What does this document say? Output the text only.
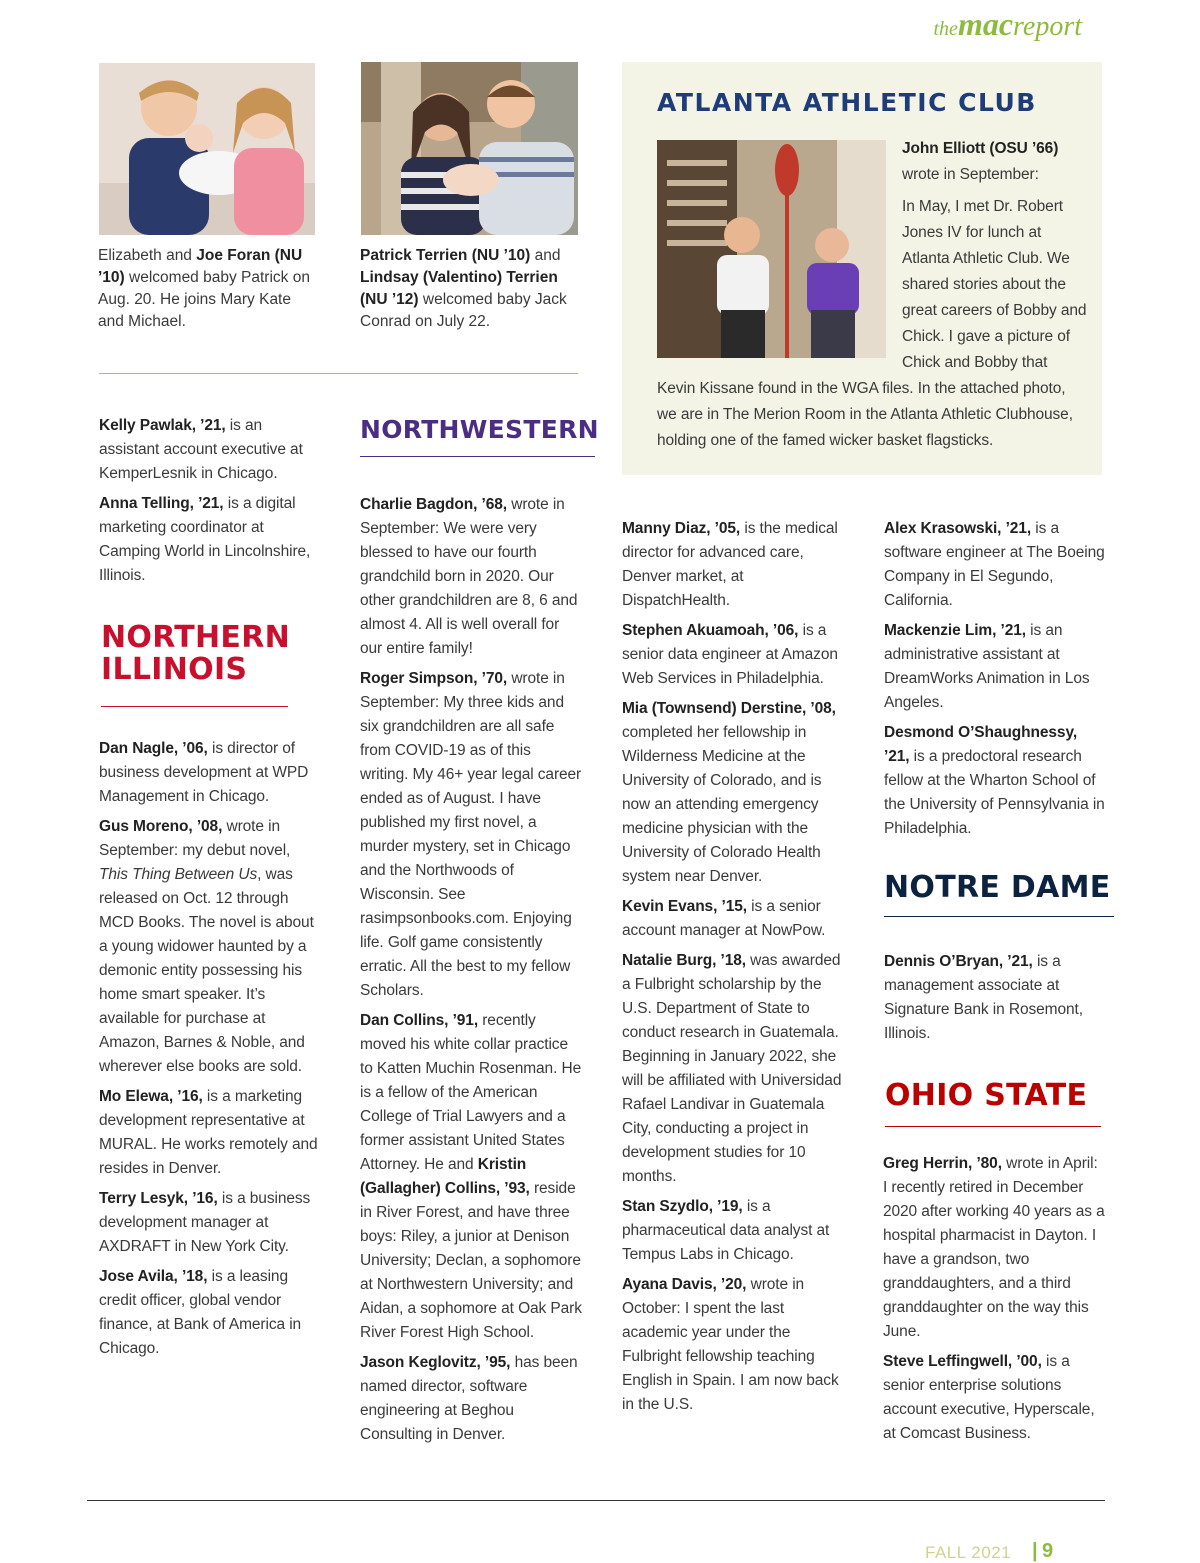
themacreport
Elizabeth and Joe Foran (NU ’10) welcomed baby Patrick on Aug. 20. He joins Mary Kate and Michael.
Patrick Terrien (NU ’10) and Lindsay (Valentino) Terrien (NU ’12) welcomed baby Jack Conrad on July 22.
ATLANTA ATHLETIC CLUB
John Elliott (OSU ’66)
wrote in September:
In May, I met Dr. Robert Jones IV for lunch at Atlanta Athletic Club. We shared stories about the great careers of Bobby and Chick. I gave a picture of Chick and Bobby that
Kevin Kissane found in the WGA files. In the attached photo, we are in The Merion Room in the Atlanta Athletic Clubhouse, holding one of the famed wicker basket flagsticks.

Kelly Pawlak, ’21, is an assistant account executive at KemperLesnik in Chicago.

Anna Telling, ’21, is a digital marketing coordinator at Camping World in Lincolnshire, Illinois.

NORTHERN
ILLINOIS

Dan Nagle, ’06, is director of business development at WPD Management in Chicago.

Gus Moreno, ’08, wrote in September: my debut novel, This Thing Between Us, was released on Oct. 12 through MCD Books. The novel is about a young widower haunted by a demonic entity possessing his home smart speaker. It’s available for purchase at Amazon, Barnes & Noble, and wherever else books are sold.

Mo Elewa, ’16, is a marketing development representative at MURAL. He works remotely and resides in Denver.

Terry Lesyk, ’16, is a business development manager at AXDRAFT in New York City.

Jose Avila, ’18, is a leasing credit officer, global vendor finance, at Bank of America in Chicago.

NORTHWESTERN

Charlie Bagdon, ’68, wrote in September: We were very blessed to have our fourth grandchild born in 2020. Our other grandchildren are 8, 6 and almost 4. All is well overall for our entire family!

Roger Simpson, ’70, wrote in September: My three kids and six grandchildren are all safe from COVID-19 as of this writing. My 46+ year legal career ended as of August. I have published my first novel, a murder mystery, set in Chicago and the Northwoods of Wisconsin. See rasimpsonbooks.com. Enjoying life. Golf game consistently erratic. All the best to my fellow Scholars.

Dan Collins, ’91, recently moved his white collar practice to Katten Muchin Rosenman. He is a fellow of the American College of Trial Lawyers and a former assistant United States Attorney. He and Kristin (Gallagher) Collins, ’93, reside in River Forest, and have three boys: Riley, a junior at Denison University; Declan, a sophomore at Northwestern University; and Aidan, a sophomore at Oak Park River Forest High School.

Jason Keglovitz, ’95, has been named director, software engineering at Beghou Consulting in Denver.

Manny Diaz, ’05, is the medical director for advanced care, Denver market, at DispatchHealth.

Stephen Akuamoah, ’06, is a senior data engineer at Amazon Web Services in Philadelphia.

Mia (Townsend) Derstine, ’08, completed her fellowship in Wilderness Medicine at the University of Colorado, and is now an attending emergency medicine physician with the University of Colorado Health system near Denver.

Kevin Evans, ’15, is a senior account manager at NowPow.

Natalie Burg, ’18, was awarded a Fulbright scholarship by the U.S. Department of State to conduct research in Guatemala. Beginning in January 2022, she will be affiliated with Universidad Rafael Landivar in Guatemala City, conducting a project in development studies for 10 months.

Stan Szydlo, ’19, is a pharmaceutical data analyst at Tempus Labs in Chicago.

Ayana Davis, ’20, wrote in October: I spent the last academic year under the Fulbright fellowship teaching English in Spain. I am now back in the U.S.

Alex Krasowski, ’21, is a software engineer at The Boeing Company in El Segundo, California.

Mackenzie Lim, ’21, is an administrative assistant at DreamWorks Animation in Los Angeles.

Desmond O’Shaughnessy, ’21, is a predoctoral research fellow at the Wharton School of the University of Pennsylvania in Philadelphia.

NOTRE DAME

Dennis O’Bryan, ’21, is a management associate at Signature Bank in Rosemont, Illinois.

OHIO STATE

Greg Herrin, ’80, wrote in April: I recently retired in December 2020 after working 40 years as a hospital pharmacist in Dayton. I have a grandson, two granddaughters, and a third granddaughter on the way this June.

Steve Leffingwell, ’00, is a senior enterprise solutions account executive, Hyperscale, at Comcast Business.

FALL 2021 | 9
